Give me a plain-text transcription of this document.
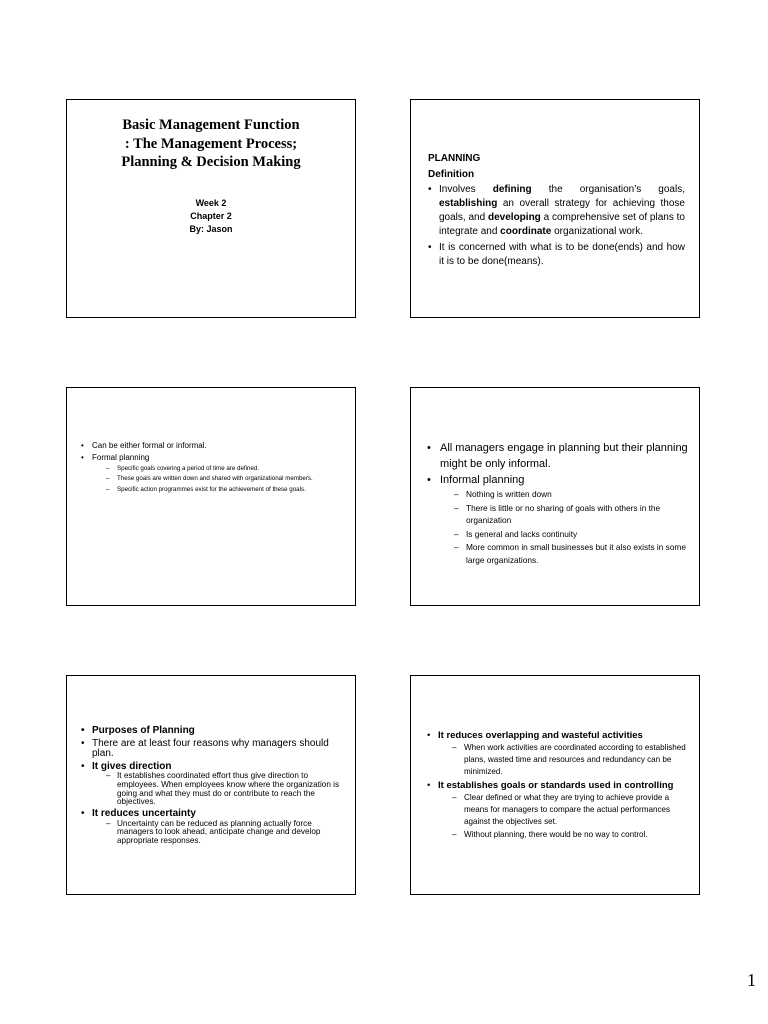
Basic Management Function
: The Management Process;
Planning & Decision Making
Week 2
Chapter 2
By: Jason
PLANNING
Definition
• Involves defining the organisation’s goals, establishing an overall strategy for achieving those goals, and developing a comprehensive set of plans to integrate and coordinate organizational work.
• It is concerned with what is to be done(ends) and how it is to be done(means).
• Can be either formal or informal.
• Formal planning
– Specific goals covering a period of time are defined.
– These goals are written down and shared with organizational members.
– Specific action programmes exist for the achievement of these goals.
• All managers engage in planning but their planning might be only informal.
• Informal planning
– Nothing is written down
– There is little or no sharing of goals with others in the organization
– Is general and lacks continuity
– More common in small businesses but it also exists in some large organizations.
• Purposes of Planning
• There are at least four reasons why managers should plan.
• It gives direction
– It establishes coordinated effort thus give direction to employees. When employees know where the organization is going and what they must do or contribute to reach the objectives.
• It reduces uncertainty
– Uncertainty can be reduced as planning actually force managers to look ahead, anticipate change and develop appropriate responses.
• It reduces overlapping and wasteful activities
– When work activities are coordinated according to established plans, wasted time and resources and redundancy can be minimized.
• It establishes goals or standards used in controlling
– Clear defined or what they are trying to achieve provide a means for managers to compare the actual performances against the objectives set.
– Without planning, there would be no way to control.
1
